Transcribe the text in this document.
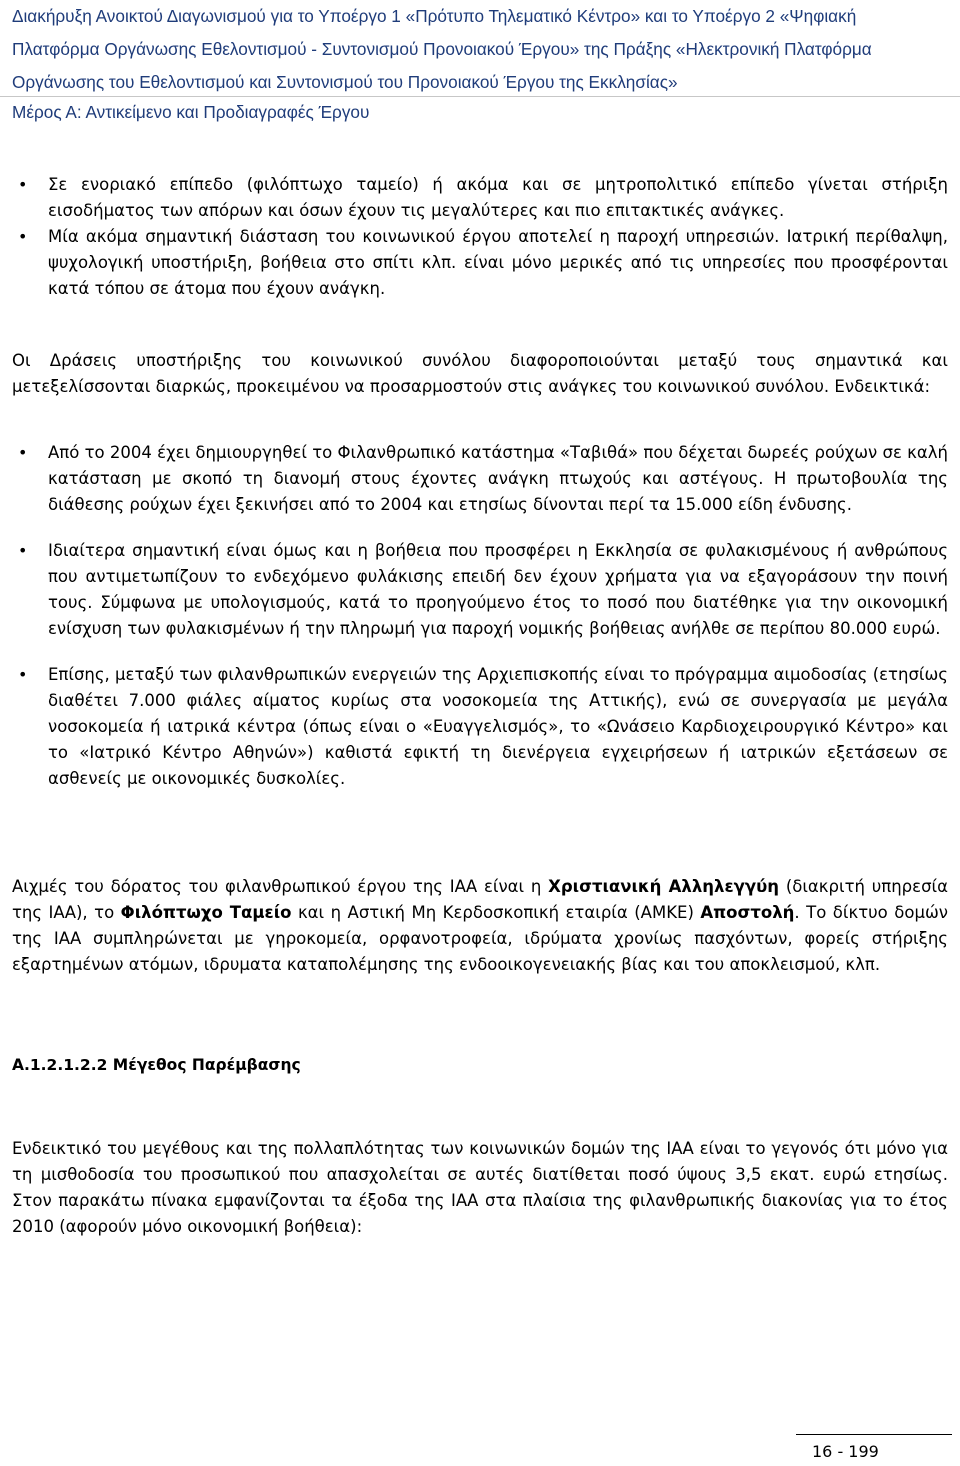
Διακήρυξη Ανοικτού Διαγωνισμού για το Υποέργο 1 «Πρότυπο Τηλεματικό Κέντρο» και το Υποέργο 2 «Ψηφιακή
Πλατφόρμα Οργάνωσης Εθελοντισμού - Συντονισμού Προνοιακού Έργου» της Πράξης «Ηλεκτρονική Πλατφόρμα
Οργάνωσης του Εθελοντισμού και Συντονισμού του Προνοιακού Έργου της Εκκλησίας»
Μέρος Α: Αντικείμενο και Προδιαγραφές Έργου
• Σε ενοριακό επίπεδο (φιλόπτωχο ταμείο) ή ακόμα και σε μητροπολιτικό επίπεδο γίνεται στήριξη εισοδήματος των απόρων και όσων έχουν τις μεγαλύτερες και πιο επιτακτικές ανάγκες.
• Μία ακόμα σημαντική διάσταση του κοινωνικού έργου αποτελεί η παροχή υπηρεσιών. Ιατρική περίθαλψη, ψυχολογική υποστήριξη, βοήθεια στο σπίτι κλπ. είναι μόνο μερικές από τις υπηρεσίες που προσφέρονται κατά τόπου σε άτομα που έχουν ανάγκη.
Οι Δράσεις υποστήριξης του κοινωνικού συνόλου διαφοροποιούνται μεταξύ τους σημαντικά και μετεξελίσσονται διαρκώς, προκειμένου να προσαρμοστούν στις ανάγκες του κοινωνικού συνόλου. Ενδεικτικά:
• Από το 2004 έχει δημιουργηθεί το Φιλανθρωπικό κατάστημα «Ταβιθά» που δέχεται δωρεές ρούχων σε καλή κατάσταση με σκοπό τη διανομή στους έχοντες ανάγκη πτωχούς και αστέγους. Η πρωτοβουλία της διάθεσης ρούχων έχει ξεκινήσει από το 2004 και ετησίως δίνονται περί τα 15.000 είδη ένδυσης.
• Ιδιαίτερα σημαντική είναι όμως και η βοήθεια που προσφέρει η Εκκλησία σε φυλακισμένους ή ανθρώπους που αντιμετωπίζουν το ενδεχόμενο φυλάκισης επειδή δεν έχουν χρήματα για να εξαγοράσουν την ποινή τους. Σύμφωνα με υπολογισμούς, κατά το προηγούμενο έτος το ποσό που διατέθηκε για την οικονομική ενίσχυση των φυλακισμένων ή την πληρωμή για παροχή νομικής βοήθειας ανήλθε σε περίπου 80.000 ευρώ.
• Επίσης, μεταξύ των φιλανθρωπικών ενεργειών της Αρχιεπισκοπής είναι το πρόγραμμα αιμοδοσίας (ετησίως διαθέτει 7.000 φιάλες αίματος κυρίως στα νοσοκομεία της Αττικής), ενώ σε συνεργασία με μεγάλα νοσοκομεία ή ιατρικά κέντρα (όπως είναι ο «Ευαγγελισμός», το «Ωνάσειο Καρδιοχειρουργικό Κέντρο» και το «Ιατρικό Κέντρο Αθηνών») καθιστά εφικτή τη διενέργεια εγχειρήσεων ή ιατρικών εξετάσεων σε ασθενείς με οικονομικές δυσκολίες.
Αιχμές του δόρατος του φιλανθρωπικού έργου της ΙΑΑ είναι η Χριστιανική Αλληλεγγύη (διακριτή υπηρεσία της ΙΑΑ), το Φιλόπτωχο Ταμείο και η Αστική Μη Κερδοσκοπική εταιρία (ΑΜΚΕ) Αποστολή. Το δίκτυο δομών της ΙΑΑ συμπληρώνεται με γηροκομεία, ορφανοτροφεία, ιδρύματα χρονίως πασχόντων, φορείς στήριξης εξαρτημένων ατόμων, ιδρυματα καταπολέμησης της ενδοοικογενειακής βίας και του αποκλεισμού, κλπ.
Α.1.2.1.2.2 Μέγεθος Παρέμβασης
Ενδεικτικό του μεγέθους και της πολλαπλότητας των κοινωνικών δομών της ΙΑΑ είναι το γεγονός ότι μόνο για τη μισθοδοσία του προσωπικού που απασχολείται σε αυτές διατίθεται ποσό ύψους 3,5 εκατ. ευρώ ετησίως. Στον παρακάτω πίνακα εμφανίζονται τα έξοδα της ΙΑΑ στα πλαίσια της φιλανθρωπικής διακονίας για το έτος 2010 (αφορούν μόνο οικονομική βοήθεια):
16 - 199
